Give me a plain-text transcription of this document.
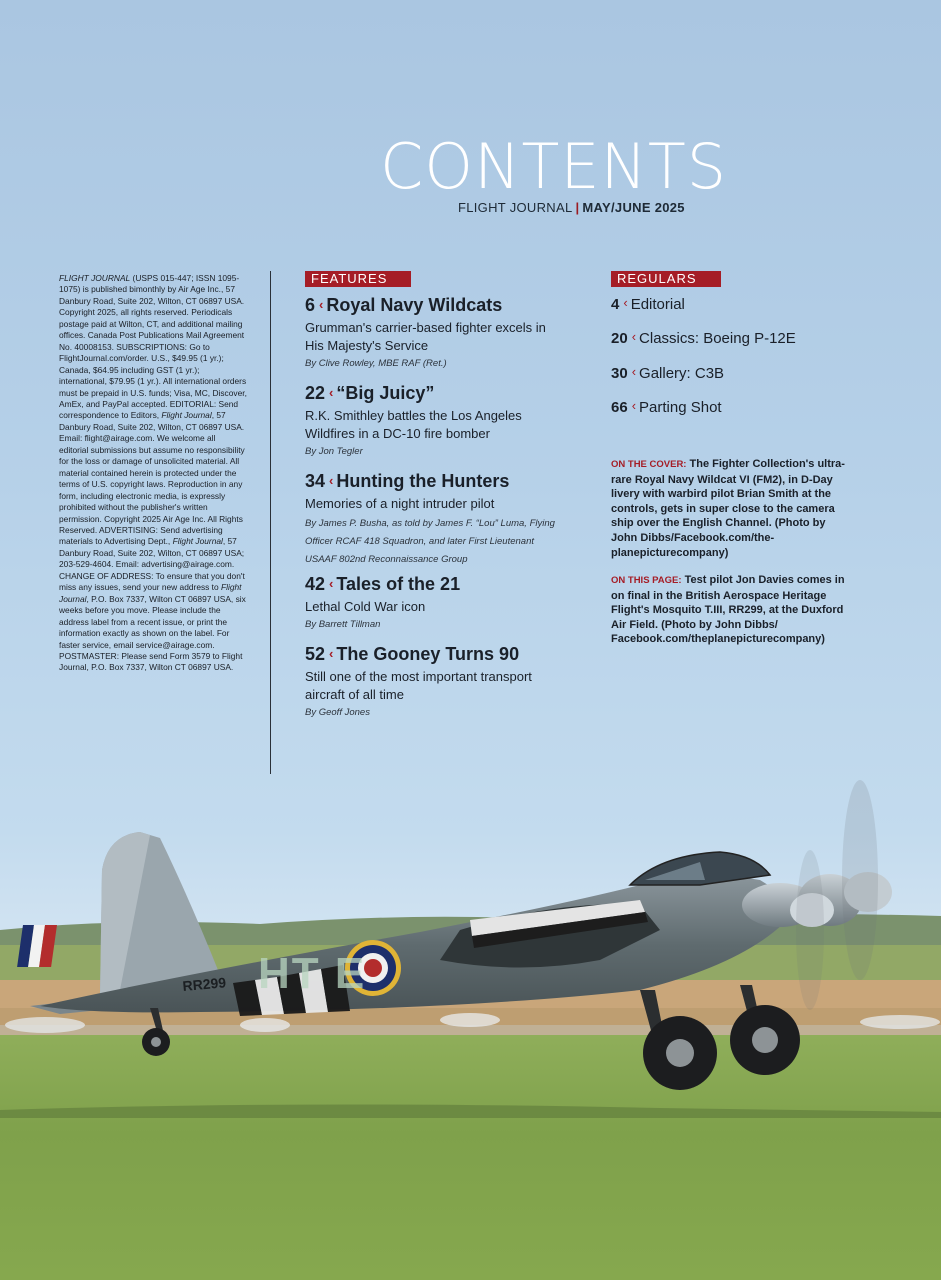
HT E
RR299
CONTENTS
FLIGHT JOURNAL | MAY/JUNE 2025
FLIGHT JOURNAL (USPS 015-447; ISSN 1095-1075) is published bimonthly by Air Age Inc., 57 Danbury Road, Suite 202, Wilton, CT 06897 USA. Copyright 2025, all rights reserved. Periodicals postage paid at Wilton, CT, and additional mailing offices. Canada Post Publications Mail Agreement No. 40008153. SUBSCRIPTIONS: Go to FlightJournal.com/order. U.S., $49.95 (1 yr.); Canada, $64.95 including GST (1 yr.); international, $79.95 (1 yr.). All international orders must be prepaid in U.S. funds; Visa, MC, Discover, AmEx, and PayPal accepted. EDITORIAL: Send correspondence to Editors, Flight Journal, 57 Danbury Road, Suite 202, Wilton, CT 06897 USA. Email: flight@airage.com. We welcome all editorial submissions but assume no responsibility for the loss or damage of unsolicited material. All material contained herein is protected under the terms of U.S. copyright laws. Reproduction in any form, including electronic media, is expressly prohibited without the publisher's written permission. Copyright 2025 Air Age Inc. All Rights Reserved. ADVERTISING: Send advertising materials to Advertising Dept., Flight Journal, 57 Danbury Road, Suite 202, Wilton, CT 06897 USA; 203-529-4604. Email: advertising@airage.com. CHANGE OF ADDRESS: To ensure that you don't miss any issues, send your new address to Flight Journal, P.O. Box 7337, Wilton CT 06897 USA, six weeks before you move. Please include the address label from a recent issue, or print the information exactly as shown on the label. For faster service, email service@airage.com. POSTMASTER: Please send Form 3579 to Flight Journal, P.O. Box 7337, Wilton CT 06897 USA.
FEATURES	REGULARS
6 ‹ Royal Navy Wildcats
Grumman's carrier-based fighter excels in His Majesty's Service
By Clive Rowley, MBE RAF (Ret.)
22 ‹ “Big Juicy”
R.K. Smithley battles the Los Angeles Wildfires in a DC-10 fire bomber
By Jon Tegler
34 ‹ Hunting the Hunters
Memories of a night intruder pilot
By James P. Busha, as told by James F. “Lou” Luma, Flying Officer RCAF 418 Squadron, and later First Lieutenant USAAF 802nd Reconnaissance Group
42 ‹ Tales of the 21
Lethal Cold War icon
By Barrett Tillman
52 ‹ The Gooney Turns 90
Still one of the most important transport aircraft of all time
By Geoff Jones
4 ‹ Editorial
20 ‹ Classics: Boeing P-12E
30 ‹ Gallery: C3B
66 ‹ Parting Shot
ON THE COVER: The Fighter Collection's ultra-rare Royal Navy Wildcat VI (FM2), in D-Day livery with warbird pilot Brian Smith at the controls, gets in super close to the camera ship over the English Channel. (Photo by John Dibbs/Facebook.com/the-planepicturecompany)
ON THIS PAGE: Test pilot Jon Davies comes in on final in the British Aerospace Heritage Flight's Mosquito T.III, RR299, at the Duxford Air Field. (Photo by John Dibbs/ Facebook.com/theplanepicturecompany)
